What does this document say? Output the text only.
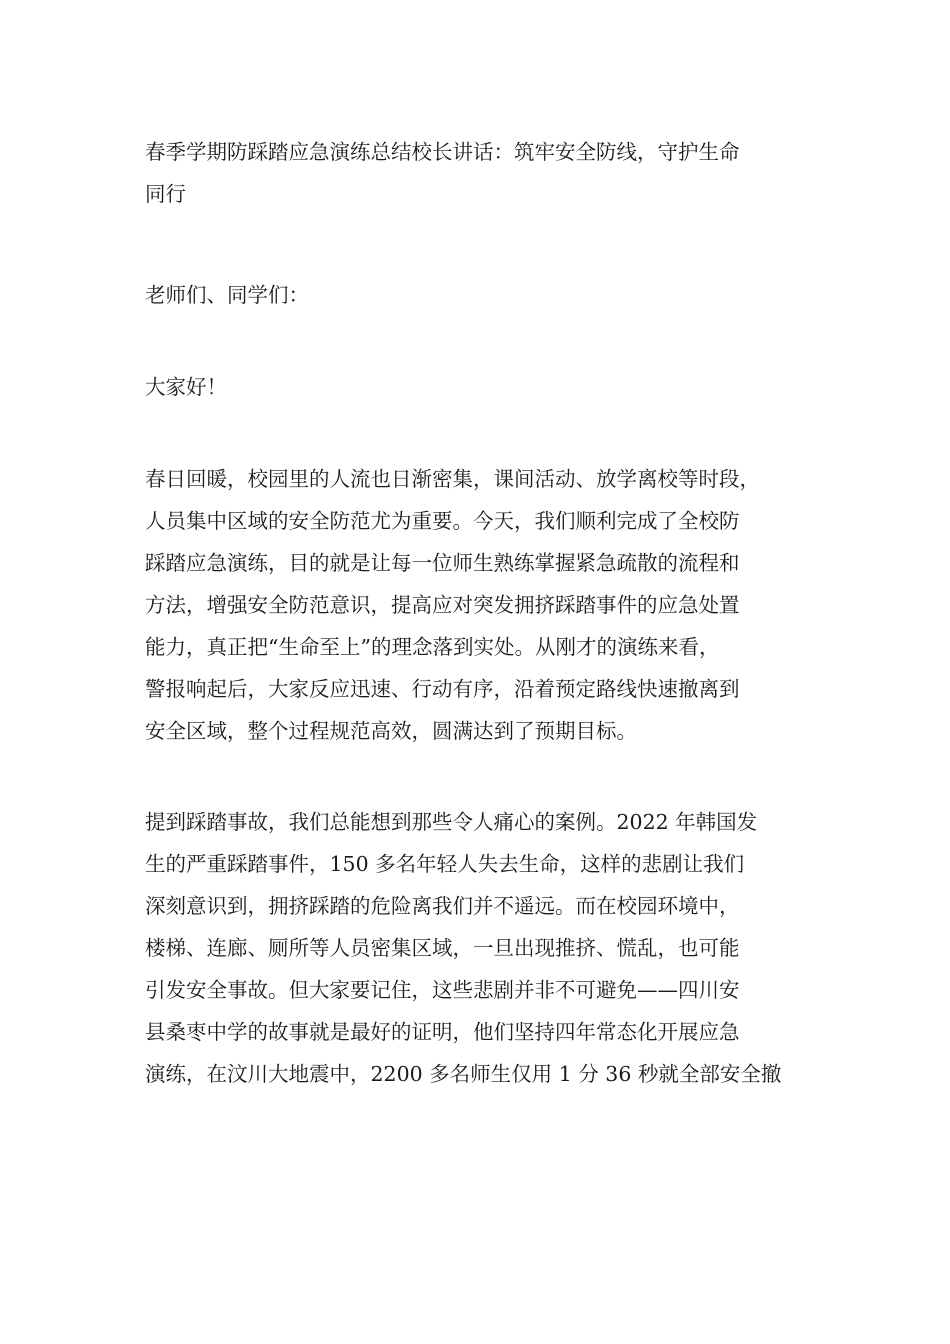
春季学期防踩踏应急演练总结校长讲话：筑牢安全防线，守护生命
同行

老师们、同学们：

大家好！

春日回暖，校园里的人流也日渐密集，课间活动、放学离校等时段，
人员集中区域的安全防范尤为重要。今天，我们顺利完成了全校防
踩踏应急演练，目的就是让每一位师生熟练掌握紧急疏散的流程和
方法，增强安全防范意识，提高应对突发拥挤踩踏事件的应急处置
能力，真正把“生命至上”的理念落到实处。从刚才的演练来看，
警报响起后，大家反应迅速、行动有序，沿着预定路线快速撤离到
安全区域，整个过程规范高效，圆满达到了预期目标。

提到踩踏事故，我们总能想到那些令人痛心的案例。2022 年韩国发
生的严重踩踏事件，150 多名年轻人失去生命，这样的悲剧让我们
深刻意识到，拥挤踩踏的危险离我们并不遥远。而在校园环境中，
楼梯、连廊、厕所等人员密集区域，一旦出现推挤、慌乱，也可能
引发安全事故。但大家要记住，这些悲剧并非不可避免——四川安
县桑枣中学的故事就是最好的证明，他们坚持四年常态化开展应急
演练，在汶川大地震中，2200 多名师生仅用 1 分 36 秒就全部安全撤
